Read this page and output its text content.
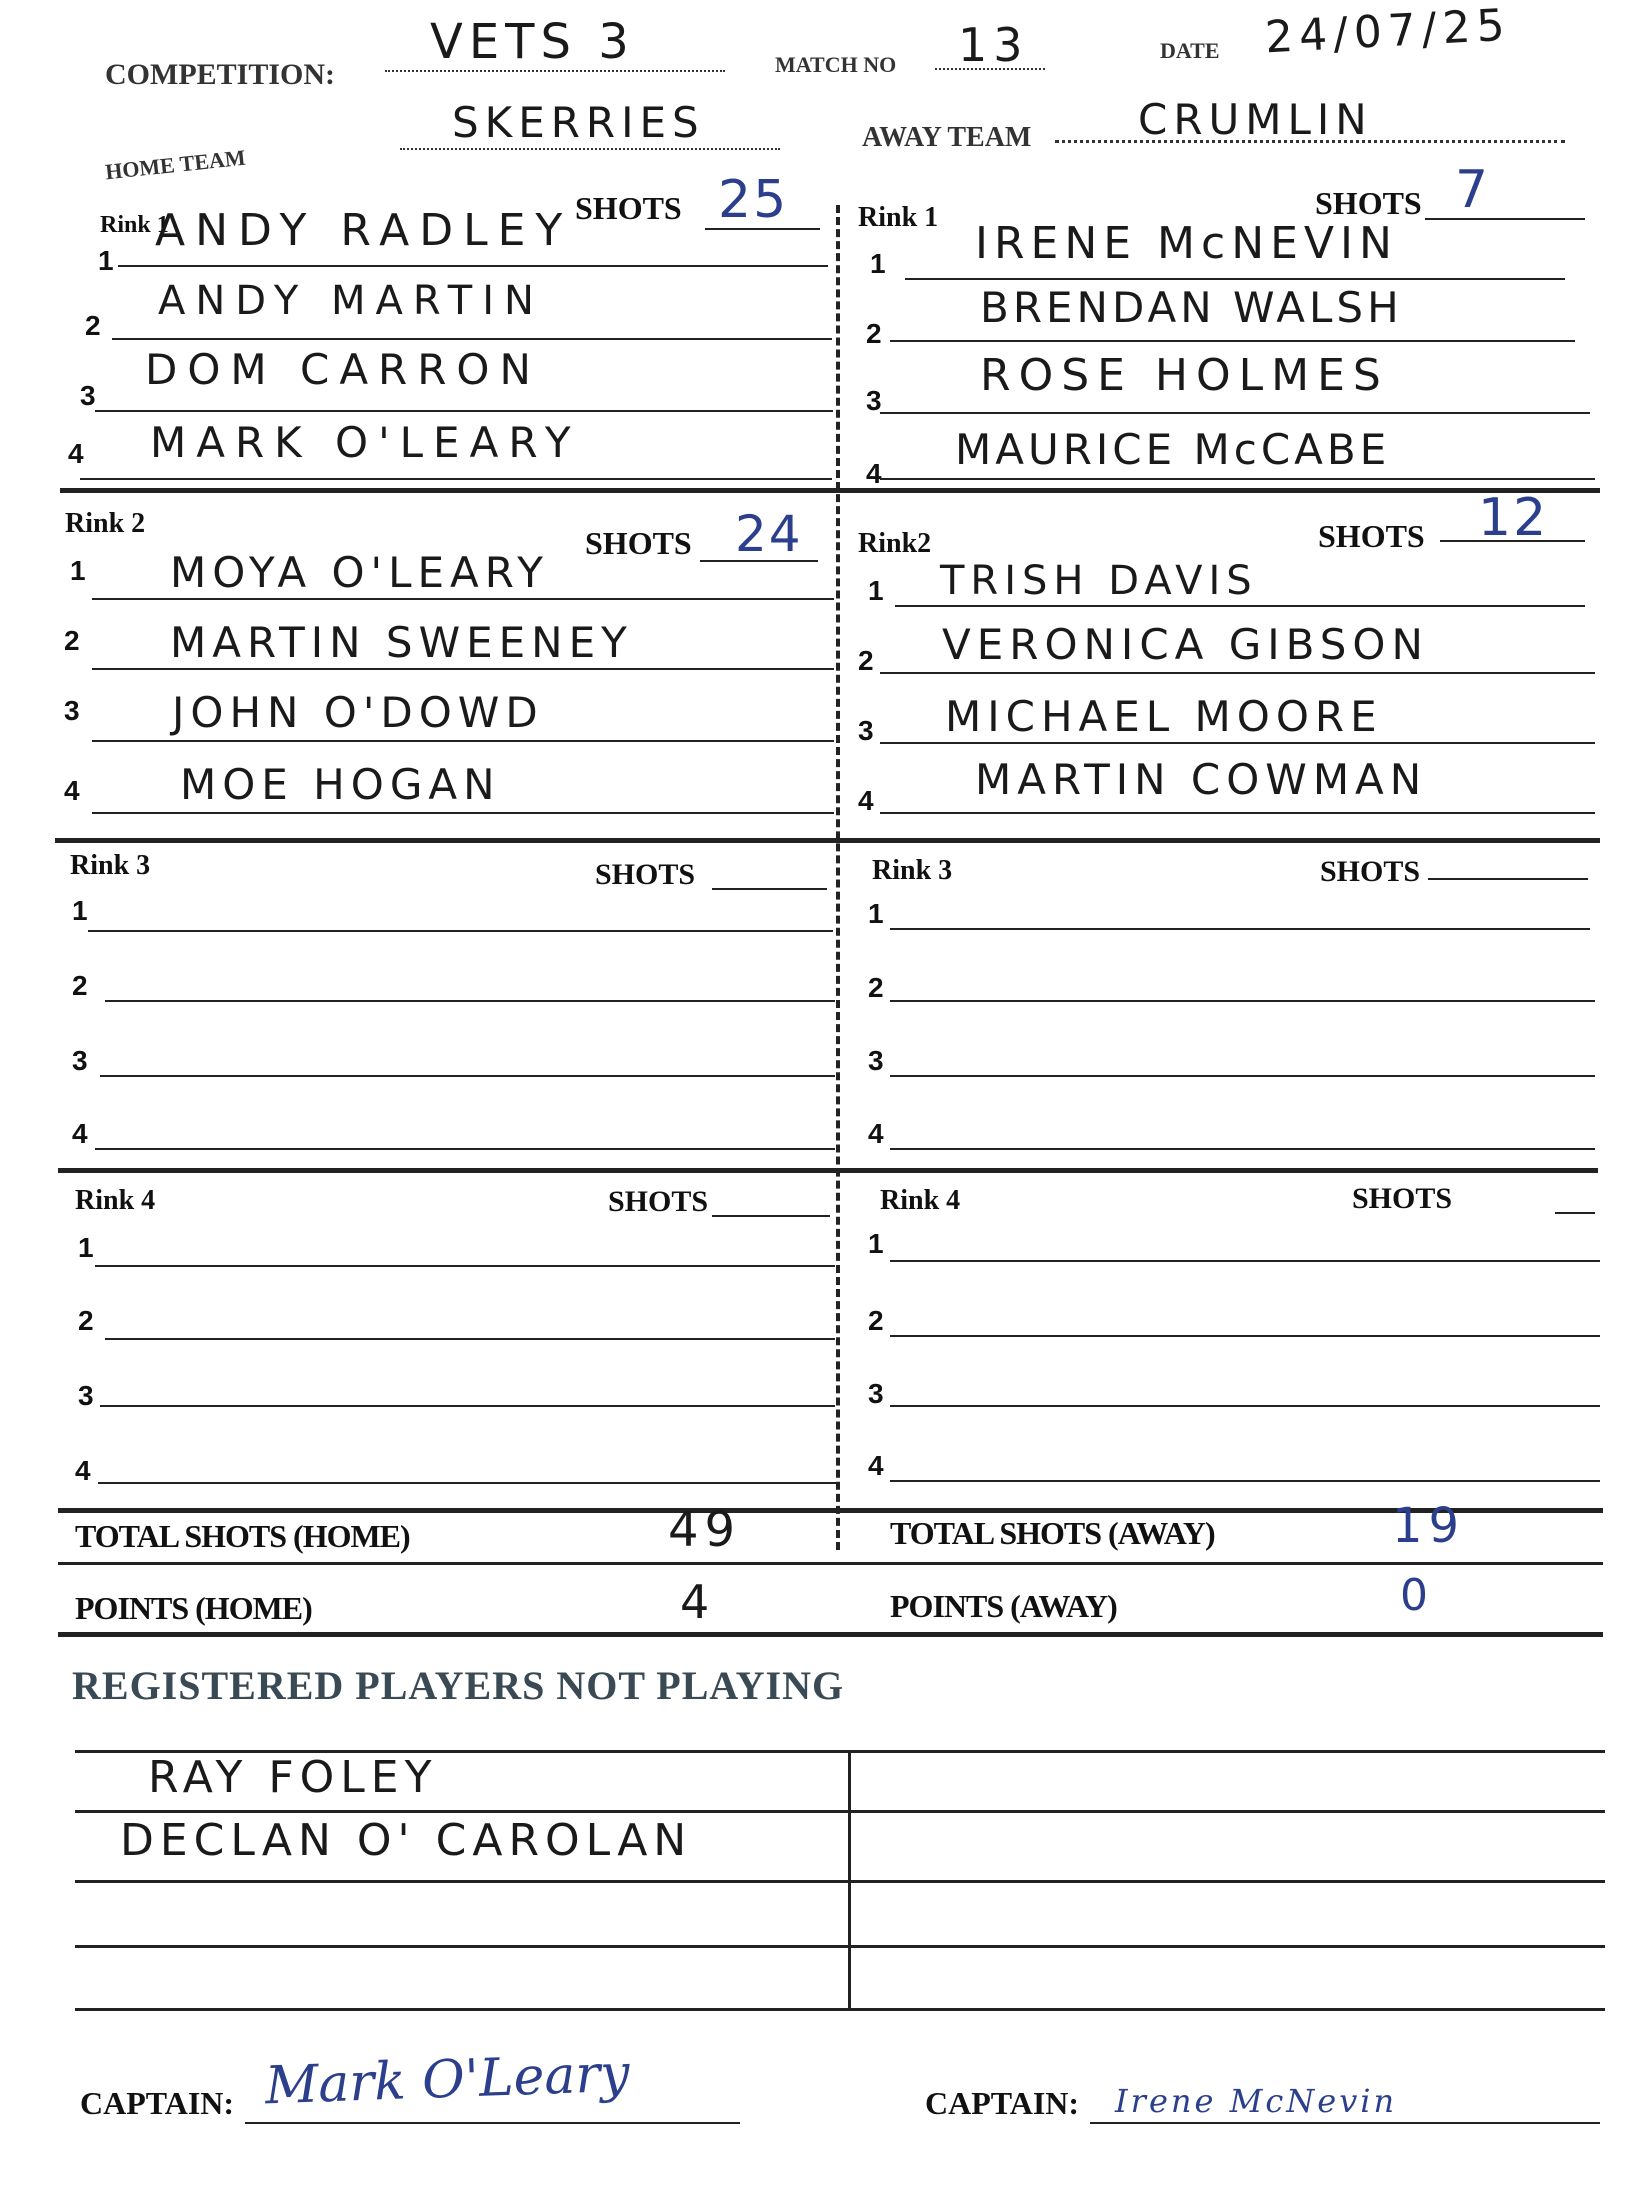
COMPETITION:
VETS 3	MATCH NO 13	DATE 24/07/25
HOME TEAM
SKERRIES	AWAY TEAM	CRUMLIN
Rink 1	SHOTS 25 Rink 1	SHOTS 7
1
ANDY RADLEY
2
ANDY MARTIN
3
DOM CARRON
4 MARK O'LEARY
1 IRENE McNEVIN
2
BRENDAN WALSH
3 ROSE HOLMES
4 MAURICE McCABE
Rink 2
SHOTS 24 Rink2	SHOTS 12
1 MOYA O'LEARY
2 MARTIN SWEENEY
3 JOHN O'DOWD
4 MOE HOGAN
1 TRISH DAVIS
2 VERONICA GIBSON
3 MICHAEL MOORE
4 MARTIN COWMAN
Rink 3	SHOTS	Rink 3	SHOTS
1
2
3
4
1
2
3
4
Rink 4	SHOTS	Rink 4	SHOTS
1
2
3
4
1
2
3
4
TOTAL SHOTS (HOME)	49	TOTAL SHOTS (AWAY)	19
POINTS (HOME)	4	POINTS (AWAY)	0
REGISTERED PLAYERS NOT PLAYING
RAY FOLEY
DECLAN O' CAROLAN
CAPTAIN: Mark O'Leary	CAPTAIN: Irene McNevin
